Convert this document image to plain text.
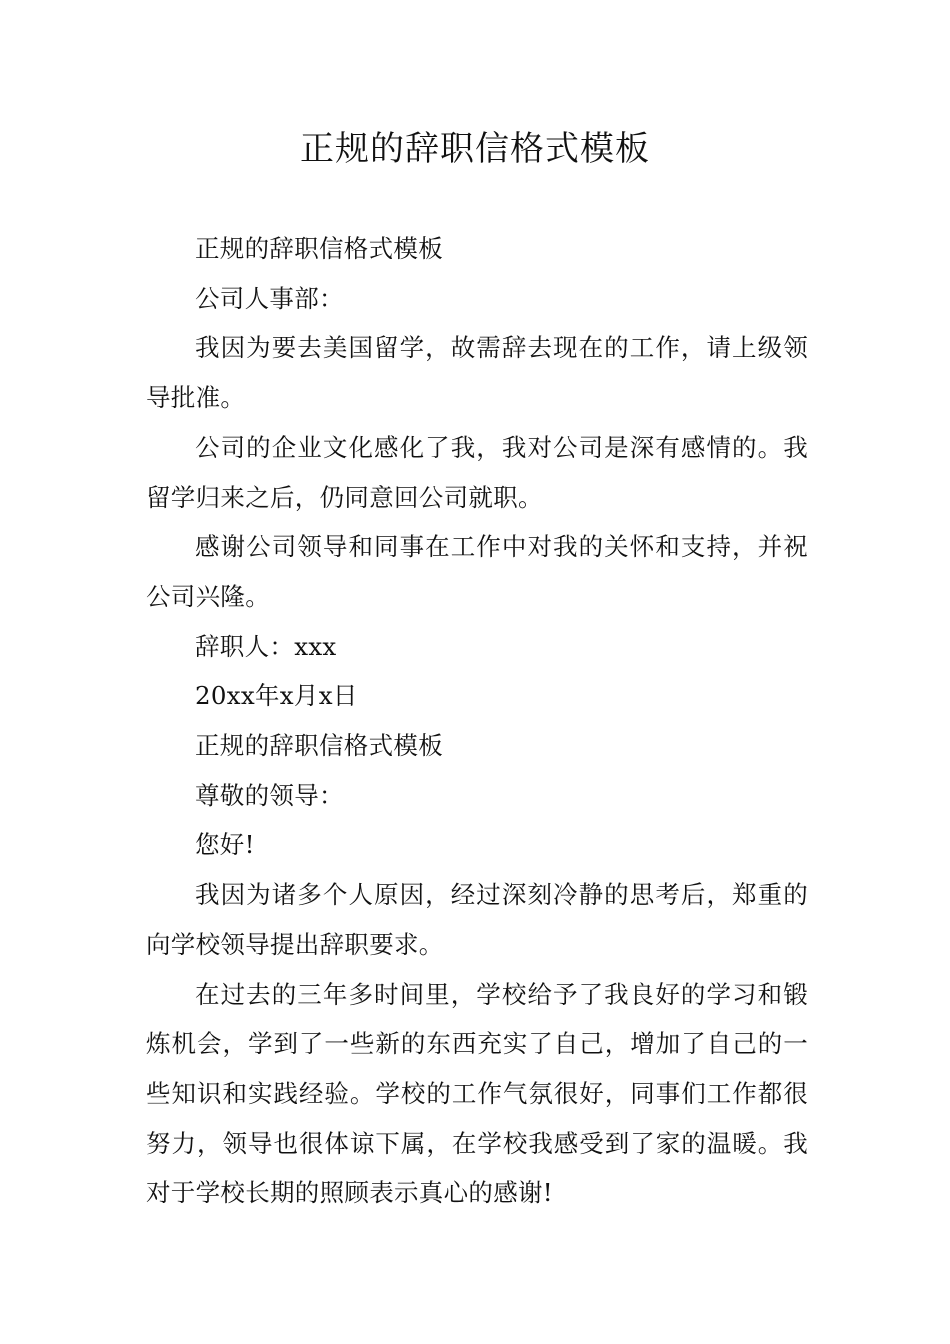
正规的辞职信格式模板

正规的辞职信格式模板

公司人事部：

我因为要去美国留学，故需辞去现在的工作，请上级领导批准。

公司的企业文化感化了我，我对公司是深有感情的。我留学归来之后，仍同意回公司就职。

感谢公司领导和同事在工作中对我的关怀和支持，并祝公司兴隆。

辞职人：xxx

20xx年x月x日

正规的辞职信格式模板

尊敬的领导：

您好!

我因为诸多个人原因，经过深刻冷静的思考后，郑重的向学校领导提出辞职要求。

在过去的三年多时间里，学校给予了我良好的学习和锻炼机会，学到了一些新的东西充实了自己，增加了自己的一些知识和实践经验。学校的工作气氛很好，同事们工作都很努力，领导也很体谅下属，在学校我感受到了家的温暖。我对于学校长期的照顾表示真心的感谢!
